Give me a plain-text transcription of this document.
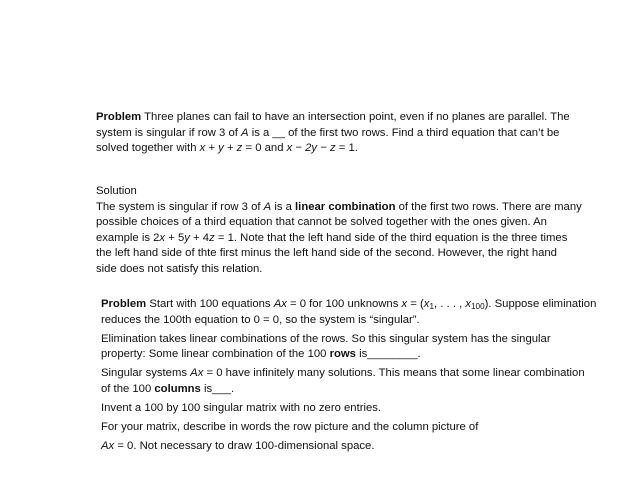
Problem Three planes can fail to have an intersection point, even if no planes are parallel. The
system is singular if row 3 of A is a __ of the first two rows. Find a third equation that can’t be
solved together with x + y + z = 0 and x − 2y − z = 1.
Solution
The system is singular if row 3 of A is a linear combination of the first two rows. There are many
possible choices of a third equation that cannot be solved together with the ones given. An
example is 2x + 5y + 4z = 1. Note that the left hand side of the third equation is the three times
the left hand side of thte first minus the left hand side of the second. However, the right hand
side does not satisfy this relation.
Problem Start with 100 equations Ax = 0 for 100 unknowns $x = (x_1$, . . . , $x_{100}$). Suppose elimination
reduces the 100th equation to 0 = 0, so the system is “singular”.
Elimination takes linear combinations of the rows. So this singular system has the singular
property: Some linear combination of the 100 rows is________.
Singular systems Ax = 0 have infinitely many solutions. This means that some linear combination
of the 100 columns is___.
Invent a 100 by 100 singular matrix with no zero entries.
For your matrix, describe in words the row picture and the column picture of
Ax = 0. Not necessary to draw 100-dimensional space.
